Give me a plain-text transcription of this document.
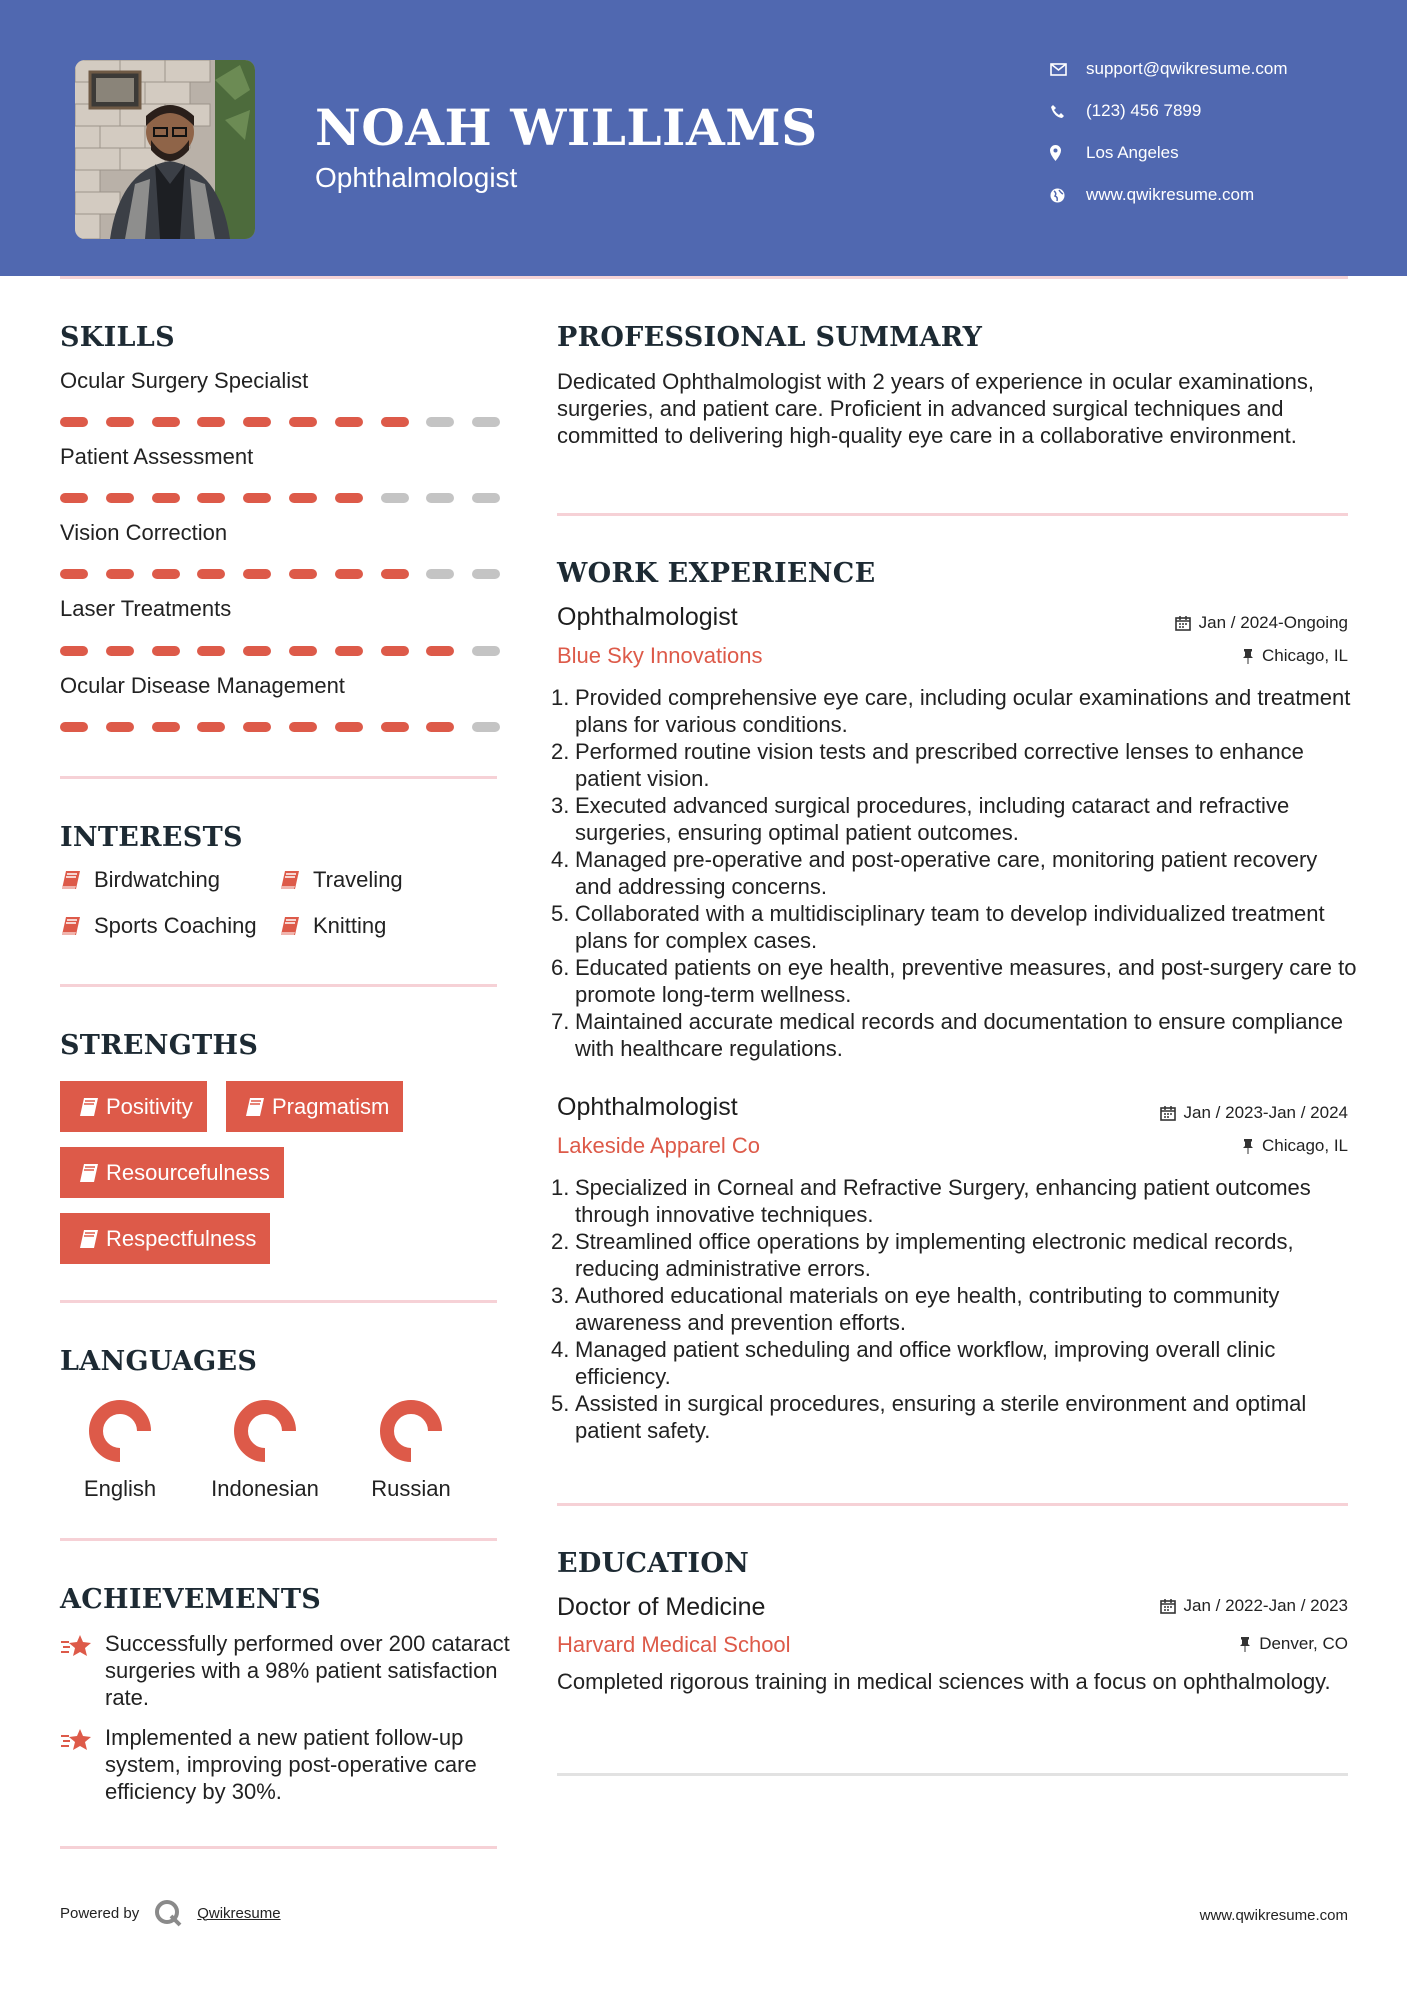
NOAH WILLIAMS
Ophthalmologist
support@qwikresume.com
(123) 456 7899
Los Angeles
www.qwikresume.com
SKILLS
Ocular Surgery Specialist
Patient Assessment
Vision Correction
Laser Treatments
Ocular Disease Management
INTERESTS
Birdwatching	Traveling
Sports Coaching	Knitting
STRENGTHS
Positivity	Pragmatism
Resourcefulness
Respectfulness
LANGUAGES
English	Indonesian	Russian
ACHIEVEMENTS
Successfully performed over 200 cataract surgeries with a 98% patient satisfaction rate.
Implemented a new patient follow-up system, improving post-operative care efficiency by 30%.
PROFESSIONAL SUMMARY
Dedicated Ophthalmologist with 2 years of experience in ocular examinations, surgeries, and patient care. Proficient in advanced surgical techniques and committed to delivering high-quality eye care in a collaborative environment.
WORK EXPERIENCE
Ophthalmologist	Jan / 2024-Ongoing
Blue Sky Innovations	Chicago, IL
Provided comprehensive eye care, including ocular examinations and treatment plans for various conditions.
Performed routine vision tests and prescribed corrective lenses to enhance patient vision.
Executed advanced surgical procedures, including cataract and refractive surgeries, ensuring optimal patient outcomes.
Managed pre-operative and post-operative care, monitoring patient recovery and addressing concerns.
Collaborated with a multidisciplinary team to develop individualized treatment plans for complex cases.
Educated patients on eye health, preventive measures, and post-surgery care to promote long-term wellness.
Maintained accurate medical records and documentation to ensure compliance with healthcare regulations.
Ophthalmologist	Jan / 2023-Jan / 2024
Lakeside Apparel Co	Chicago, IL
Specialized in Corneal and Refractive Surgery, enhancing patient outcomes through innovative techniques.
Streamlined office operations by implementing electronic medical records, reducing administrative errors.
Authored educational materials on eye health, contributing to community awareness and prevention efforts.
Managed patient scheduling and office workflow, improving overall clinic efficiency.
Assisted in surgical procedures, ensuring a sterile environment and optimal patient safety.
EDUCATION
Doctor of Medicine	Jan / 2022-Jan / 2023
Harvard Medical School	Denver, CO
Completed rigorous training in medical sciences with a focus on ophthalmology.
Powered by	Qwikresume	www.qwikresume.com
